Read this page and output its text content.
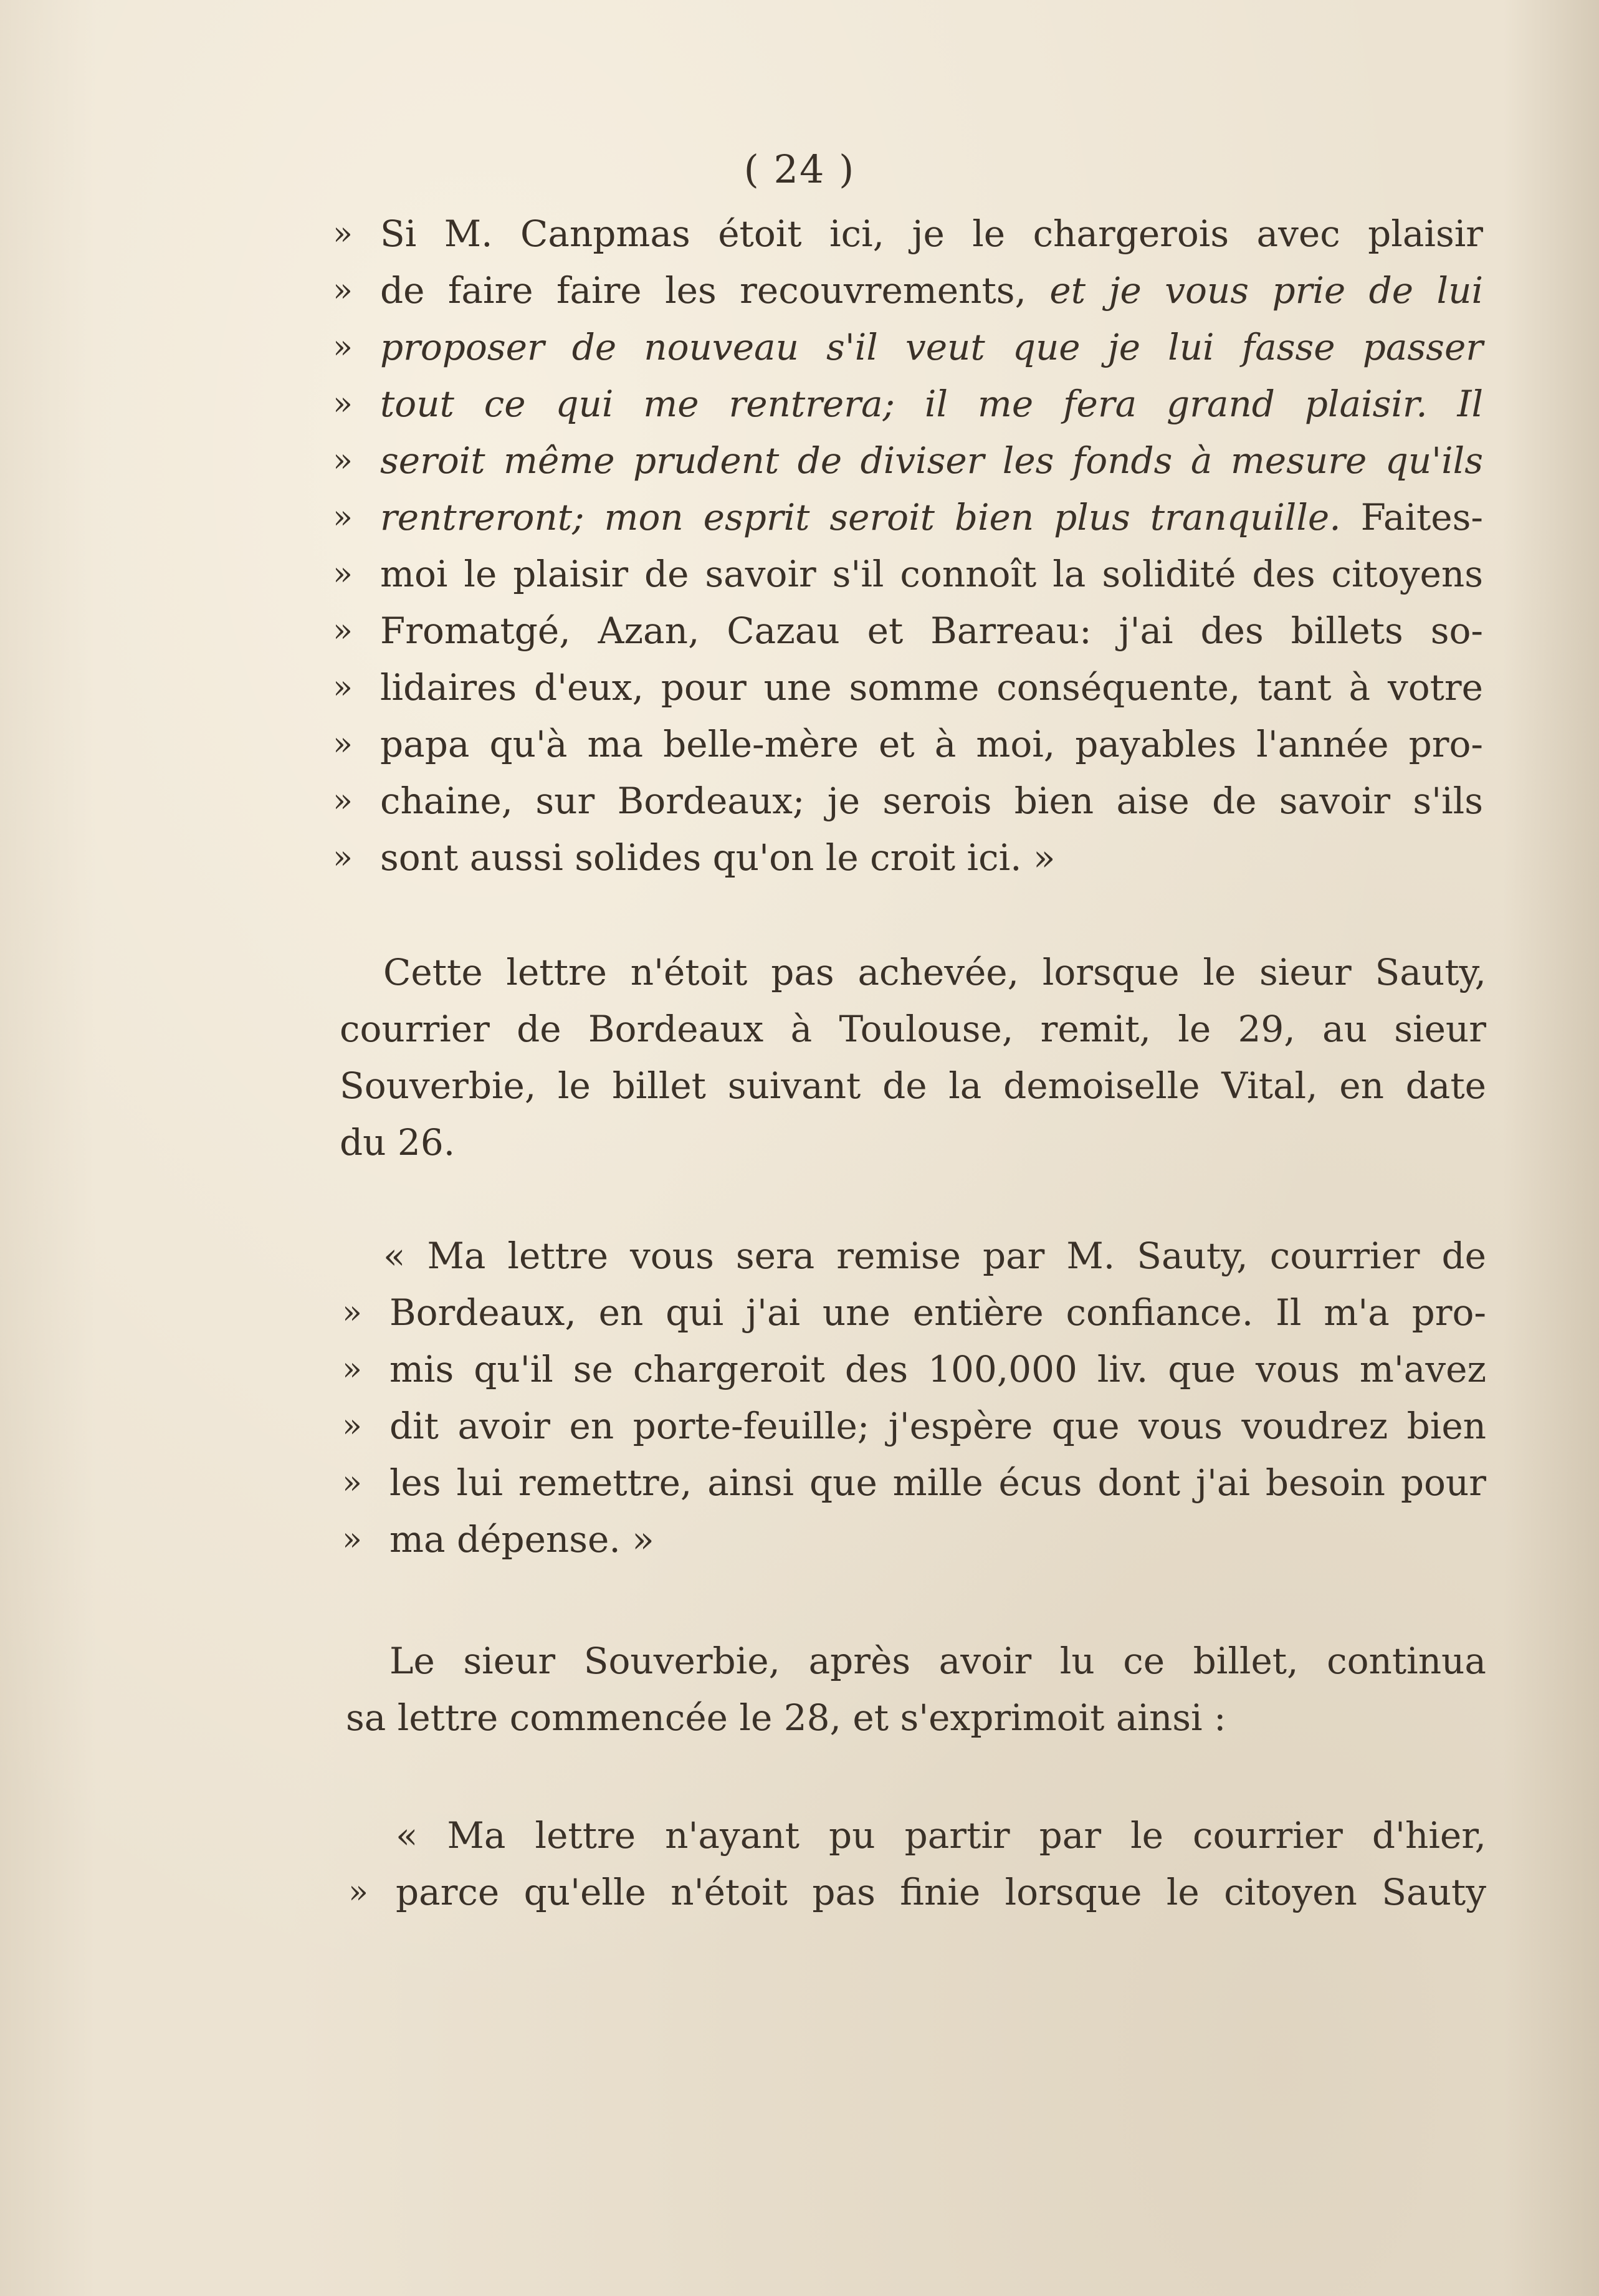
( 24 )
» Si M. Canpmas étoit ici, je le chargerois avec plaisir
» de faire faire les recouvrements, et je vous prie de lui
» proposer de nouveau s'il veut que je lui fasse passer
» tout ce qui me rentrera; il me fera grand plaisir. Il
» seroit même prudent de diviser les fonds à mesure qu'ils
» rentreront; mon esprit seroit bien plus tranquille. Faites-
» moi le plaisir de savoir s'il connoît la solidité des citoyens
» Fromatgé, Azan, Cazau et Barreau: j'ai des billets so-
» lidaires d'eux, pour une somme conséquente, tant à votre
» papa qu'à ma belle-mère et à moi, payables l'année pro-
» chaine, sur Bordeaux; je serois bien aise de savoir s'ils
» sont aussi solides qu'on le croit ici. »
Cette lettre n'étoit pas achevée, lorsque le sieur Sauty,
courrier de Bordeaux à Toulouse, remit, le 29, au sieur
Souverbie, le billet suivant de la demoiselle Vital, en date
du 26.
« Ma lettre vous sera remise par M. Sauty, courrier de
» Bordeaux, en qui j'ai une entière confiance. Il m'a pro-
» mis qu'il se chargeroit des 100,000 liv. que vous m'avez
» dit avoir en porte-feuille; j'espère que vous voudrez bien
» les lui remettre, ainsi que mille écus dont j'ai besoin pour
» ma dépense. »
Le sieur Souverbie, après avoir lu ce billet, continua
sa lettre commencée le 28, et s'exprimoit ainsi :
« Ma lettre n'ayant pu partir par le courrier d'hier,
» parce qu'elle n'étoit pas finie lorsque le citoyen Sauty
